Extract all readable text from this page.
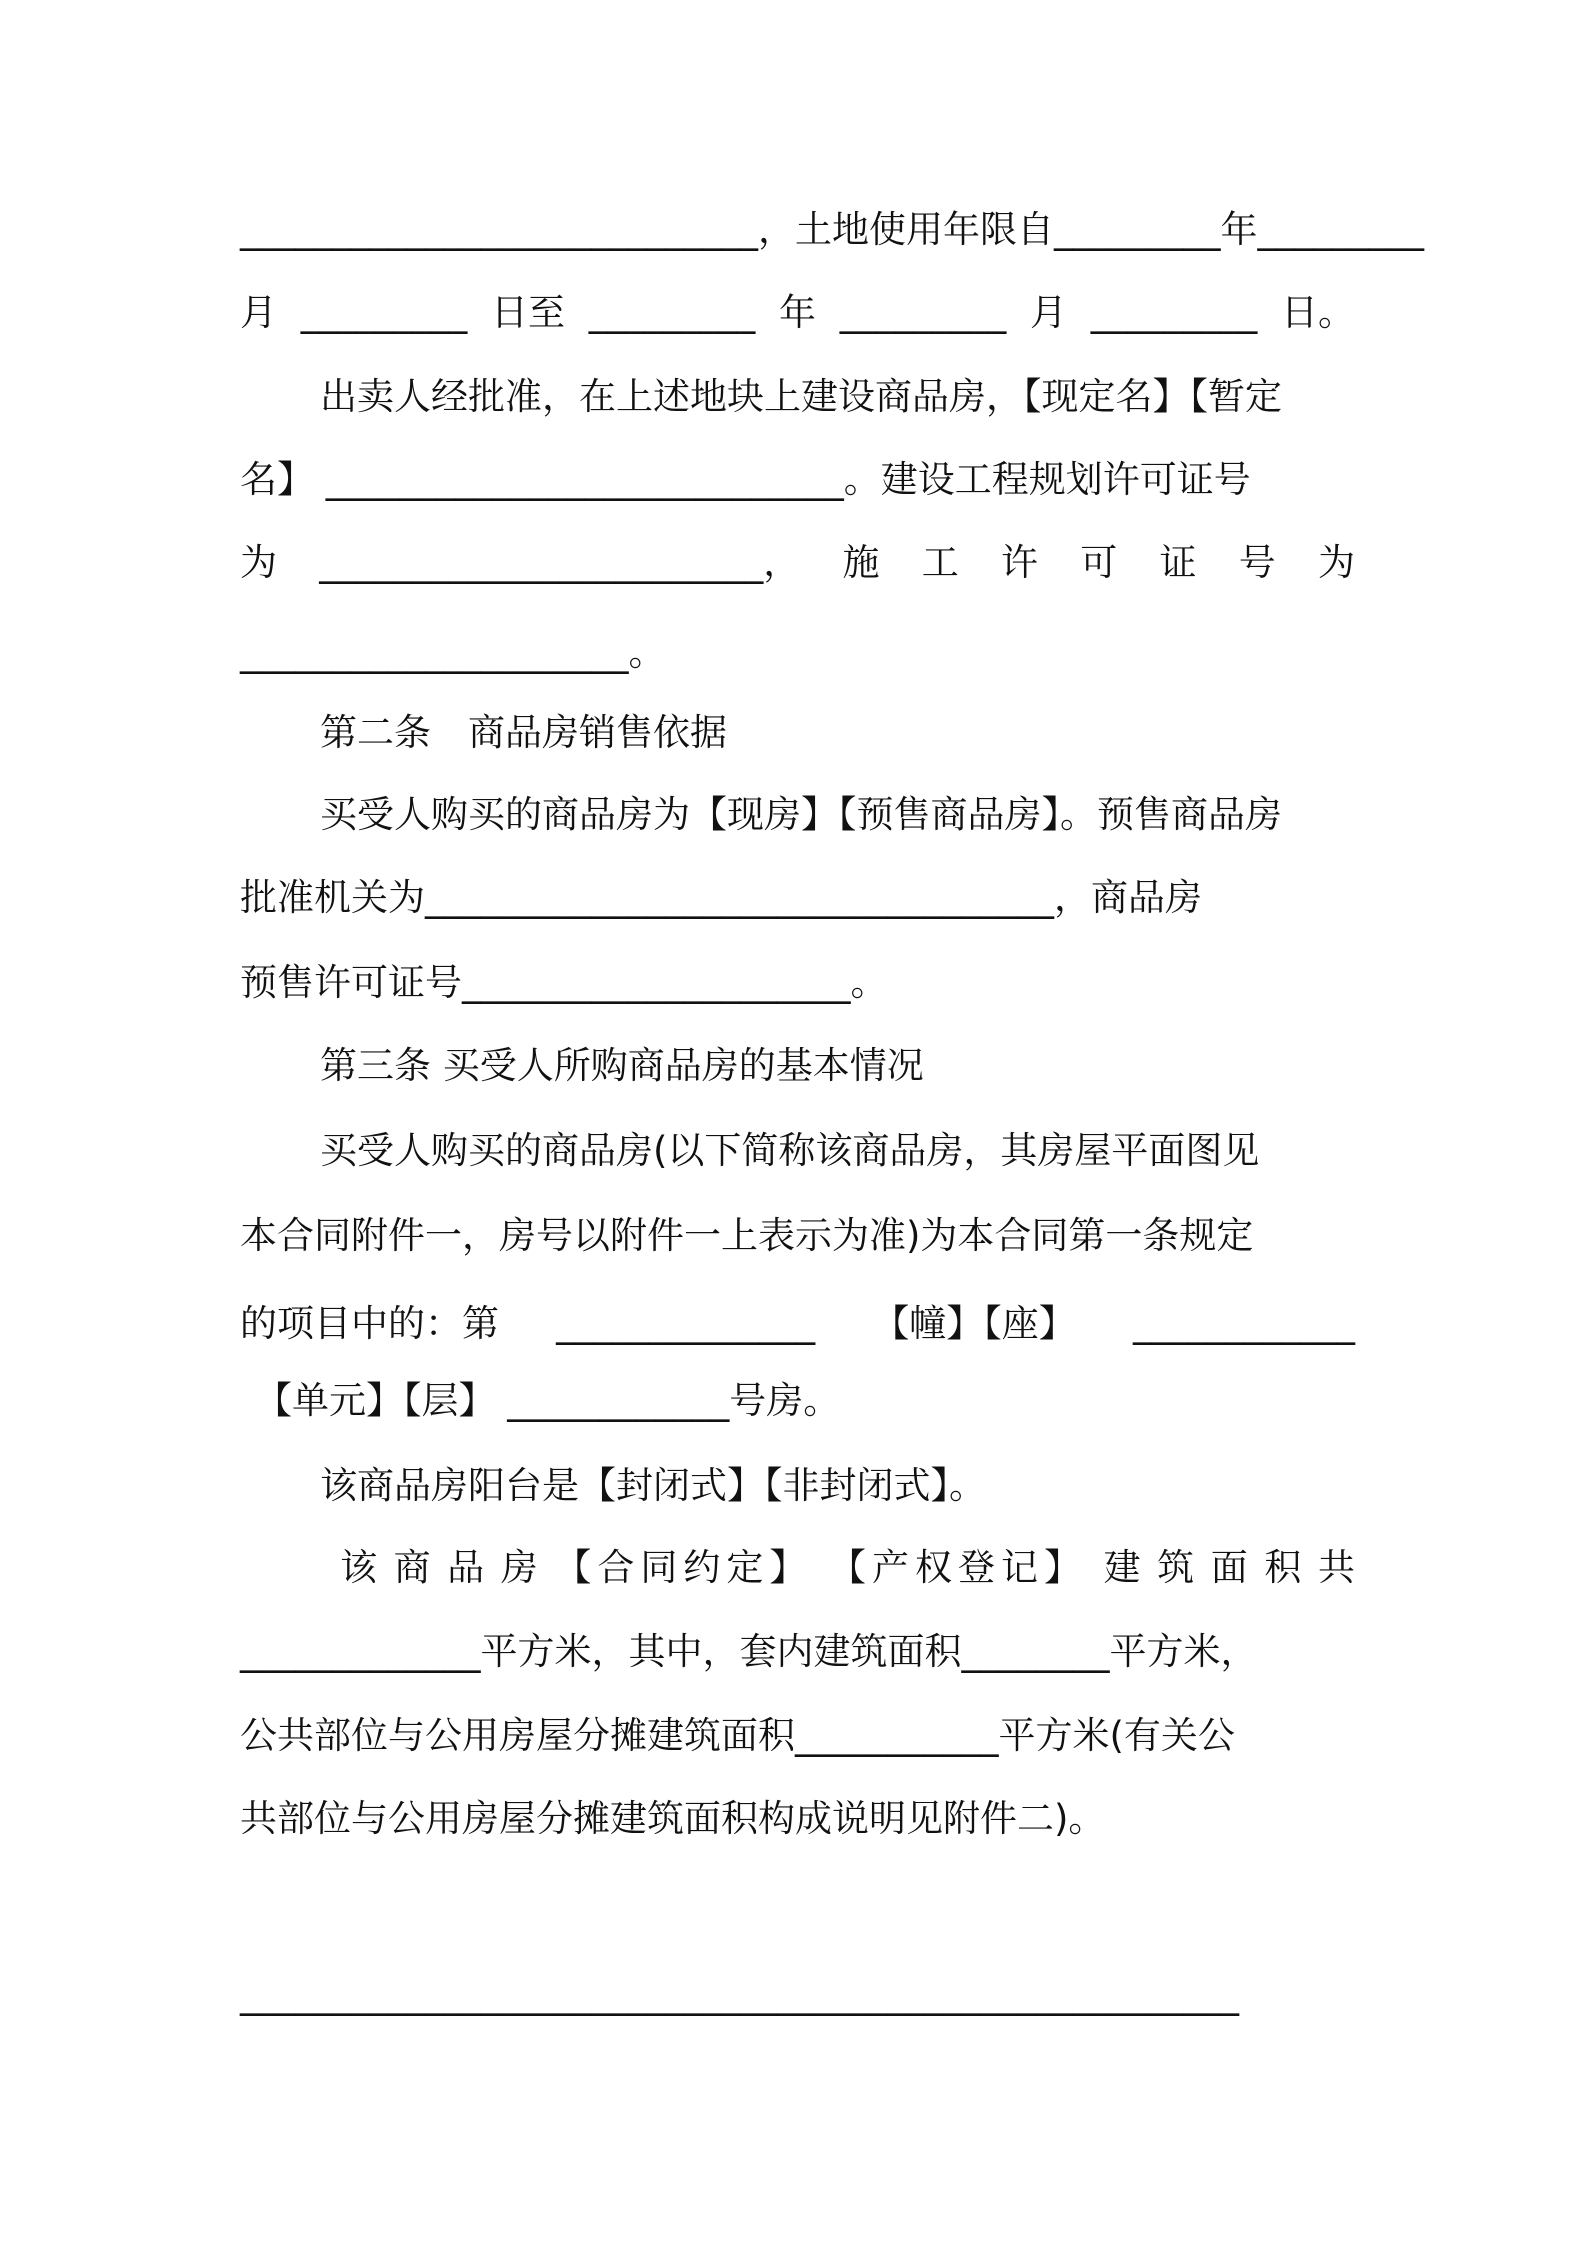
____________________________ ，土地使用年限自 _________ 年 _________
月 _________ 日至 _________ 年 _________ 月 _________ 日。
出卖人经批准，在上述地块上建设商品房，【现定名】【暂定
名】 ____________________________。建设工程规划许可证号
为 ________________________， 施 工 许 可 证 号 为
_____________________。
第二条　商品房销售依据
买受人购买的商品房为【现房】【预售商品房】。预售商品房
批准机关为__________________________________，商品房
预售许可证号_____________________。
第三条 买受人所购商品房的基本情况
买受人购买的商品房(以下简称该商品房，其房屋平面图见
本合同附件一，房号以附件一上表示为准)为本合同第一条规定
的项目中的：第 ______________ 【幢】【座】 ____________
【单元】【层】 ____________号房。
该商品房阳台是【封闭式】【非封闭式】。
该 商 品 房 【合同约定】 【产权登记】 建 筑 面 积 共
_____________平方米，其中，套内建筑面积________平方米，
公共部位与公用房屋分摊建筑面积___________平方米(有关公
共部位与公用房屋分摊建筑面积构成说明见附件二)。
______________________________________________________
